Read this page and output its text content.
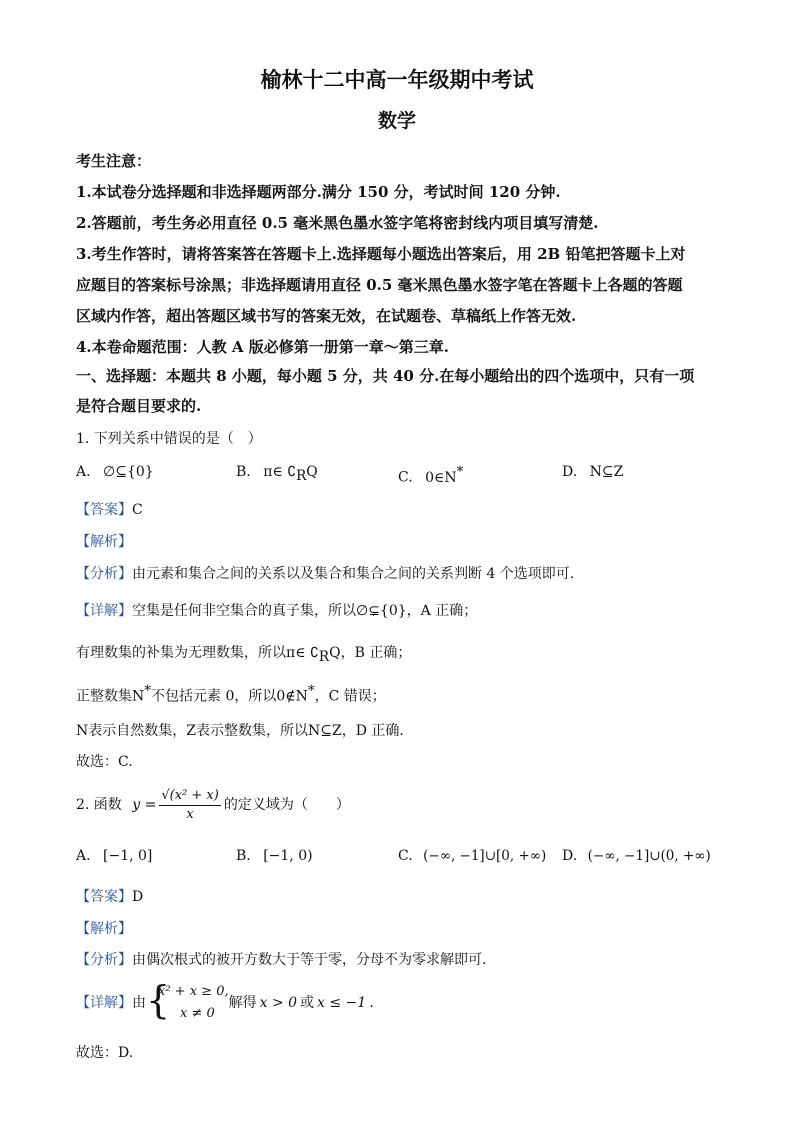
榆林十二中高一年级期中考试
数学
考生注意：
1.本试卷分选择题和非选择题两部分.满分 150 分，考试时间 120 分钟.
2.答题前，考生务必用直径 0.5 毫米黑色墨水签字笔将密封线内项目填写清楚.
3.考生作答时，请将答案答在答题卡上.选择题每小题选出答案后，用 2B 铅笔把答题卡上对
应题目的答案标号涂黑；非选择题请用直径 0.5 毫米黑色墨水签字笔在答题卡上各题的答题
区域内作答，超出答题区域书写的答案无效，在试题卷、草稿纸上作答无效.
4.本卷命题范围：人教 A 版必修第一册第一章～第三章.
一、选择题：本题共 8 小题，每小题 5 分，共 40 分.在每小题给出的四个选项中，只有一项
是符合题目要求的.
1. 下列关系中错误的是（　）
A. ∅⊆{0}	B. π∈ $∁_RQ$	C. 0∈N*	D. N⊆Z
【答案】C
【解析】
【分析】由元素和集合之间的关系以及集合和集合之间的关系判断 4 个选项即可.
【详解】空集是任何非空集合的真子集，所以∅⊊{0}，A 正确；
有理数集的补集为无理数集，所以π∈ $∁_RQ$，B 正确；
正整数集N*不包括元素 0，所以0∉N*，C 错误；
N表示自然数集，Z表示整数集，所以N⊆Z，D 正确.
故选：C.
2. 函数 $y = \frac{\text{√(x² + x)}}{x}$ 的定义域为（　　）
A. [−1, 0]	B. [−1, 0)	C. (−∞, −1]∪[0, +∞) D. (−∞, −1]∪(0, +∞)
【答案】D
【解析】
【分析】由偶次根式的被开方数大于等于零，分母不为零求解即可.
【详解】由 {
x² + x ≥ 0,
x ≠ 0
解得 x > 0 或 x ≤ −1 .
故选：D.
